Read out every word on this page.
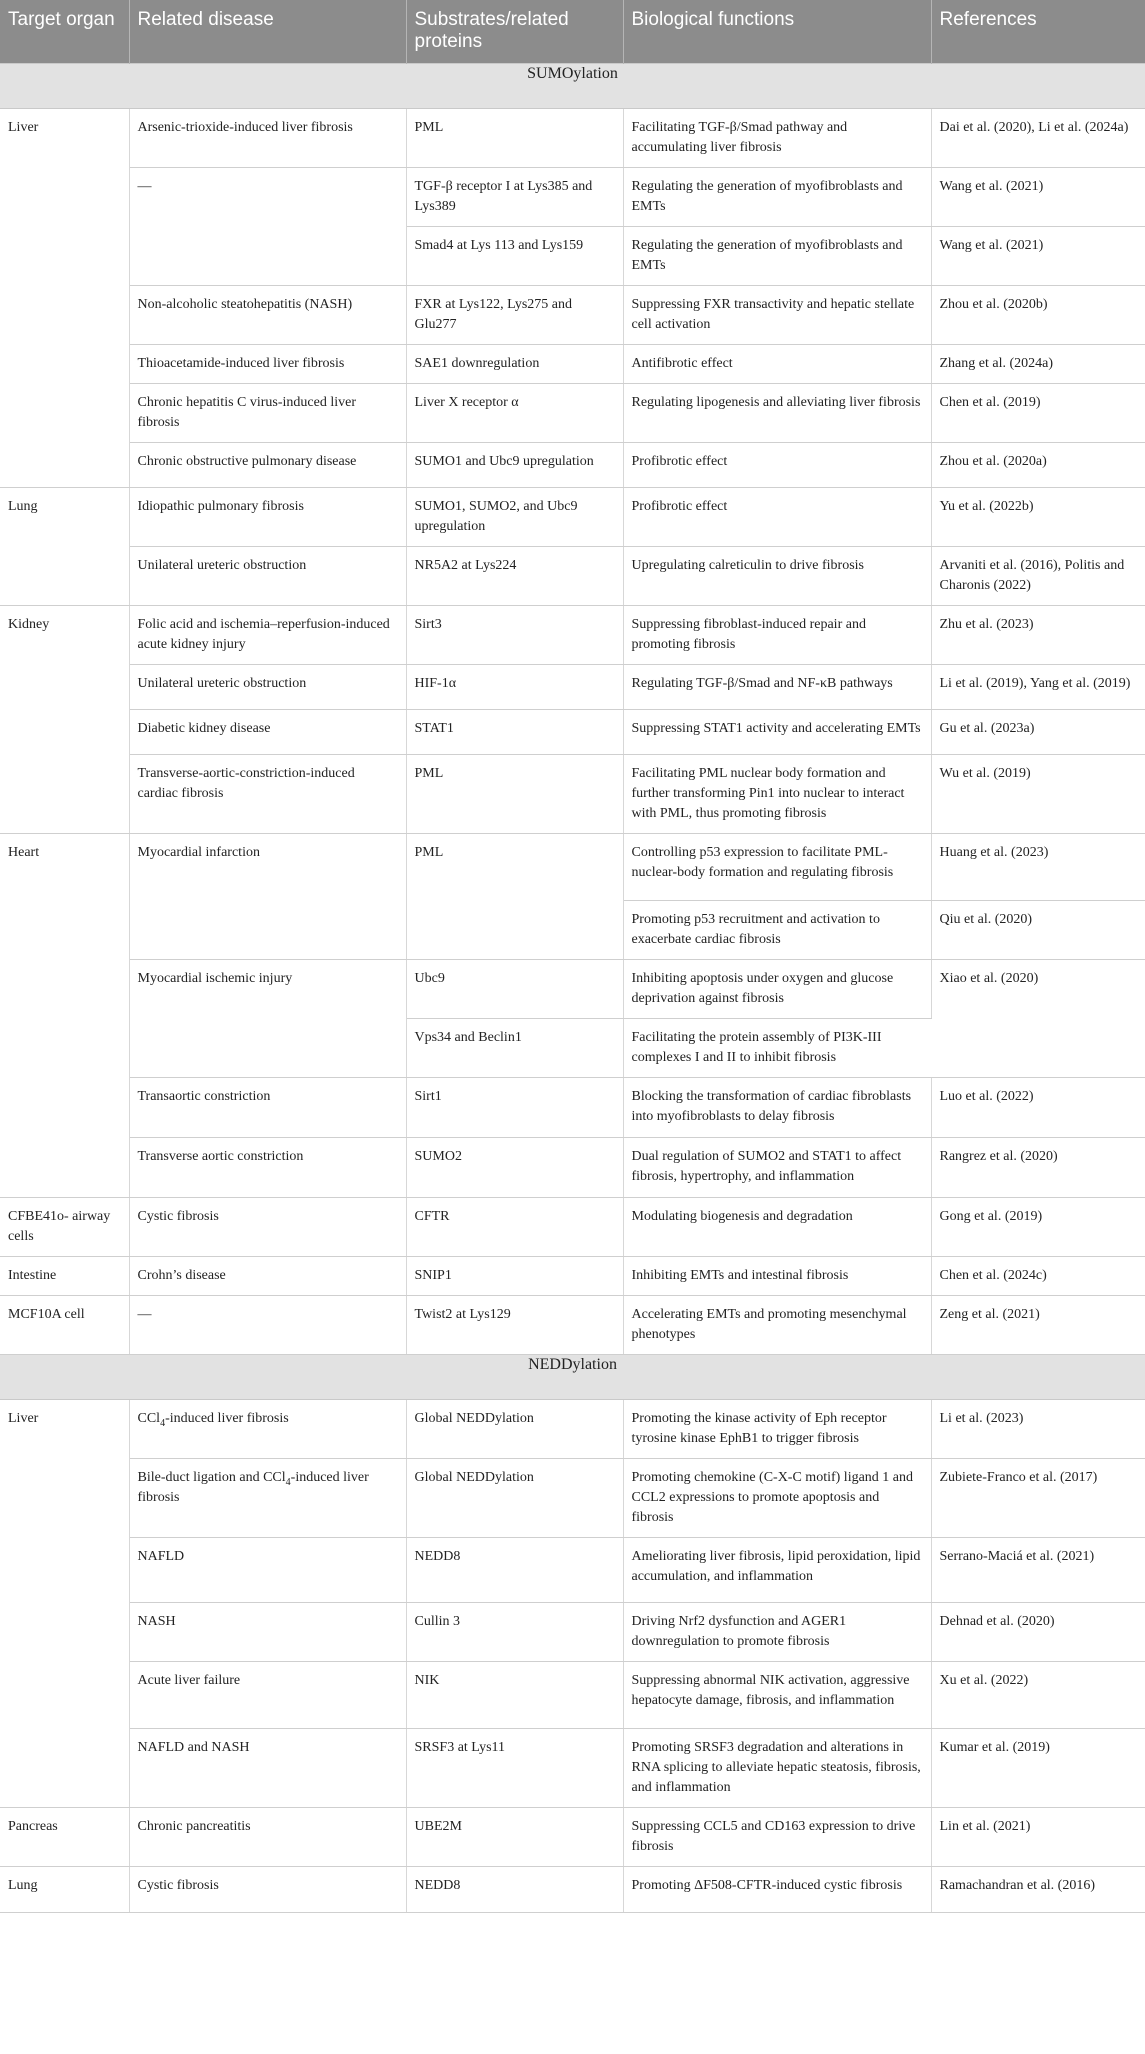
Target organ	Related disease	Substrates/related proteins	Biological functions	References
SUMOylation				
Liver	Arsenic-trioxide-induced liver fibrosis	PML	Facilitating TGF-β/Smad pathway and accumulating liver fibrosis	Dai et al. (2020), Li et al. (2024a)
	—	TGF-β receptor I at Lys385 and Lys389	Regulating the generation of myofibroblasts and EMTs	Wang et al. (2021)
		Smad4 at Lys 113 and Lys159	Regulating the generation of myofibroblasts and EMTs	Wang et al. (2021)
	Non-alcoholic steatohepatitis (NASH)	FXR at Lys122, Lys275 and Glu277	Suppressing FXR transactivity and hepatic stellate cell activation	Zhou et al. (2020b)
	Thioacetamide-induced liver fibrosis	SAE1 downregulation	Antifibrotic effect	Zhang et al. (2024a)
	Chronic hepatitis C virus-induced liver fibrosis	Liver X receptor α	Regulating lipogenesis and alleviating liver fibrosis	Chen et al. (2019)
	Chronic obstructive pulmonary disease	SUMO1 and Ubc9 upregulation	Profibrotic effect	Zhou et al. (2020a)
Lung	Idiopathic pulmonary fibrosis	SUMO1, SUMO2, and Ubc9 upregulation	Profibrotic effect	Yu et al. (2022b)
	Unilateral ureteric obstruction	NR5A2 at Lys224	Upregulating calreticulin to drive fibrosis	Arvaniti et al. (2016), Politis and Charonis (2022)
Kidney	Folic acid and ischemia–reperfusion-induced acute kidney injury	Sirt3	Suppressing fibroblast-induced repair and promoting fibrosis	Zhu et al. (2023)
	Unilateral ureteric obstruction	HIF-1α	Regulating TGF-β/Smad and NF-κB pathways	Li et al. (2019), Yang et al. (2019)
	Diabetic kidney disease	STAT1	Suppressing STAT1 activity and accelerating EMTs	Gu et al. (2023a)
	Transverse-aortic-constriction-induced cardiac fibrosis	PML	Facilitating PML nuclear body formation and further transforming Pin1 into nuclear to interact with PML, thus promoting fibrosis	Wu et al. (2019)
Heart	Myocardial infarction	PML	Controlling p53 expression to facilitate PML-nuclear-body formation and regulating fibrosis	Huang et al. (2023)
			Promoting p53 recruitment and activation to exacerbate cardiac fibrosis	Qiu et al. (2020)
	Myocardial ischemic injury	Ubc9	Inhibiting apoptosis under oxygen and glucose deprivation against fibrosis	Xiao et al. (2020)
		Vps34 and Beclin1	Facilitating the protein assembly of PI3K-III complexes I and II to inhibit fibrosis	
	Transaortic constriction	Sirt1	Blocking the transformation of cardiac fibroblasts into myofibroblasts to delay fibrosis	Luo et al. (2022)
	Transverse aortic constriction	SUMO2	Dual regulation of SUMO2 and STAT1 to affect fibrosis, hypertrophy, and inflammation	Rangrez et al. (2020)
CFBE41o- airway cells	Cystic fibrosis	CFTR	Modulating biogenesis and degradation	Gong et al. (2019)
Intestine	Crohn’s disease	SNIP1	Inhibiting EMTs and intestinal fibrosis	Chen et al. (2024c)
MCF10A cell	—	Twist2 at Lys129	Accelerating EMTs and promoting mesenchymal phenotypes	Zeng et al. (2021)
NEDDylation				
Liver	CCl$_4$-induced liver fibrosis	Global NEDDylation	Promoting the kinase activity of Eph receptor tyrosine kinase EphB1 to trigger fibrosis	Li et al. (2023)
	Bile-duct ligation and CCl$_4$-induced liver fibrosis	Global NEDDylation	Promoting chemokine (C-X-C motif) ligand 1 and CCL2 expressions to promote apoptosis and fibrosis	Zubiete-Franco et al. (2017)
	NAFLD	NEDD8	Ameliorating liver fibrosis, lipid peroxidation, lipid accumulation, and inflammation	Serrano-Maciá et al. (2021)
	NASH	Cullin 3	Driving Nrf2 dysfunction and AGER1 downregulation to promote fibrosis	Dehnad et al. (2020)
	Acute liver failure	NIK	Suppressing abnormal NIK activation, aggressive hepatocyte damage, fibrosis, and inflammation	Xu et al. (2022)
	NAFLD and NASH	SRSF3 at Lys11	Promoting SRSF3 degradation and alterations in RNA splicing to alleviate hepatic steatosis, fibrosis, and inflammation	Kumar et al. (2019)
Pancreas	Chronic pancreatitis	UBE2M	Suppressing CCL5 and CD163 expression to drive fibrosis	Lin et al. (2021)
Lung	Cystic fibrosis	NEDD8	Promoting ΔF508-CFTR-induced cystic fibrosis	Ramachandran et al. (2016)
